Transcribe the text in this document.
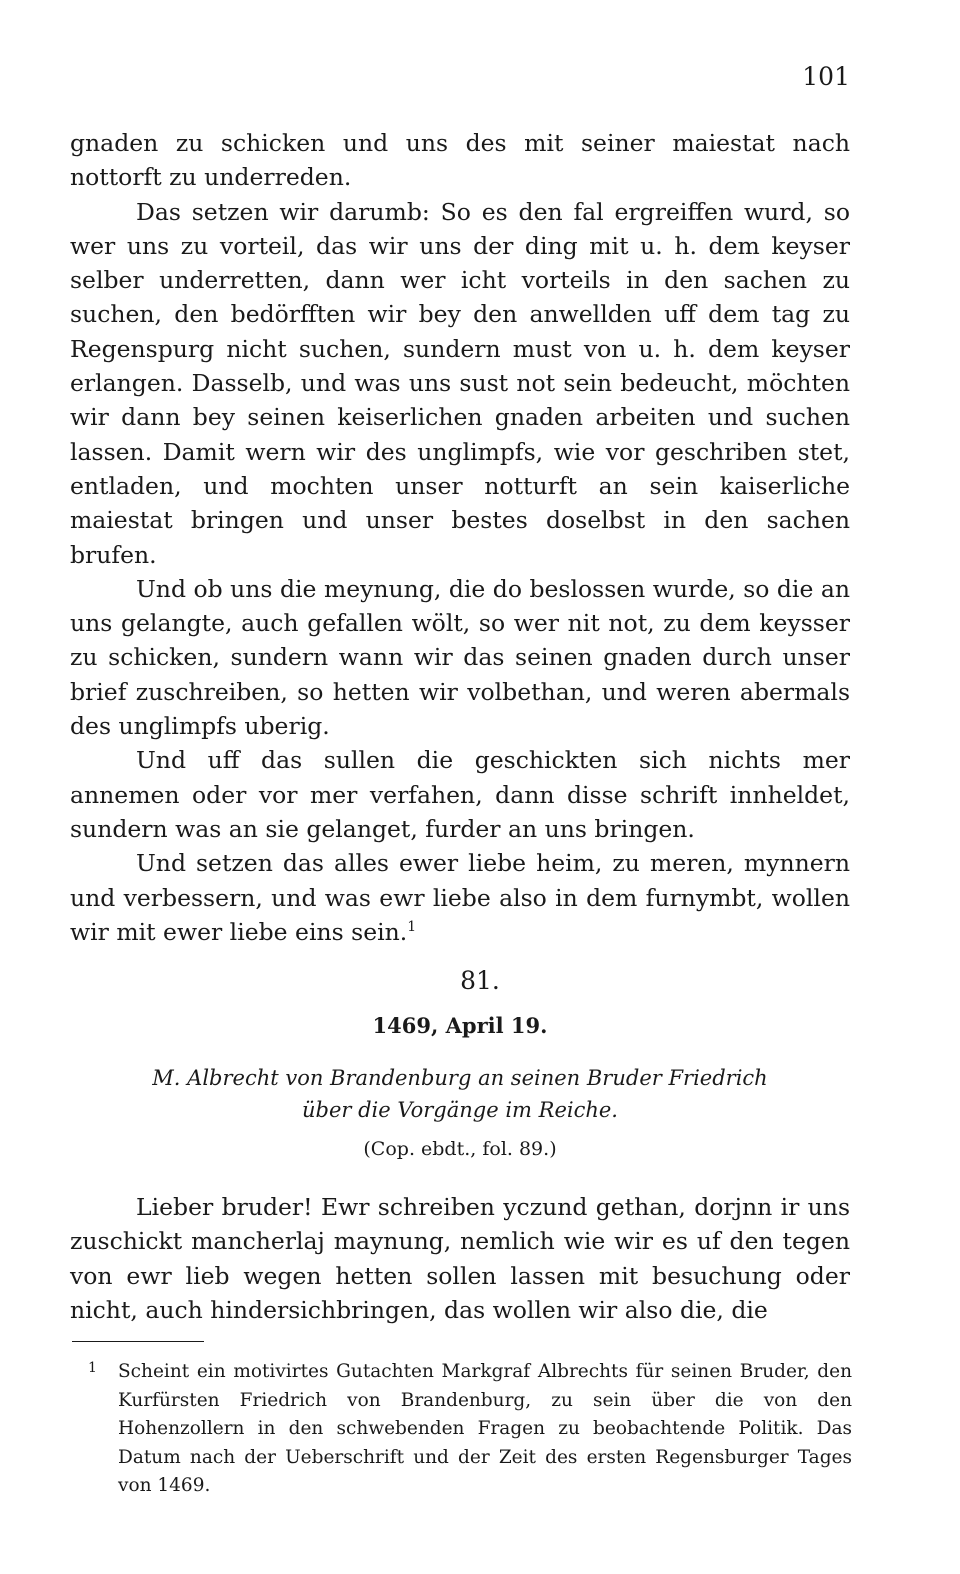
101

gnaden zu schicken und uns des mit seiner maiestat nach nottorft zu underreden.

Das setzen wir darumb: So es den fal ergreiffen wurd, so wer uns zu vorteil, das wir uns der ding mit u. h. dem keyser selber underretten, dann wer icht vorteils in den sachen zu suchen, den bedörfften wir bey den anwellden uff dem tag zu Regenspurg nicht suchen, sundern must von u. h. dem keyser erlangen. Dasselb, und was uns sust not sein bedeucht, möchten wir dann bey seinen keiserlichen gnaden arbeiten und suchen lassen. Damit wern wir des unglimpfs, wie vor geschriben stet, entladen, und mochten unser notturft an sein kaiserliche maiestat bringen und unser bestes doselbst in den sachen brufen.

Und ob uns die meynung, die do beslossen wurde, so die an uns gelangte, auch gefallen wölt, so wer nit not, zu dem keysser zu schicken, sundern wann wir das seinen gnaden durch unser brief zuschreiben, so hetten wir volbethan, und weren abermals des unglimpfs uberig.

Und uff das sullen die geschickten sich nichts mer annemen oder vor mer verfahen, dann disse schrift innheldet, sundern was an sie gelanget, furder an uns bringen.

Und setzen das alles ewer liebe heim, zu meren, mynnern und verbessern, und was ewr liebe also in dem furnymbt, wollen wir mit ewer liebe eins sein.$^1$

81.
1469, April 19.
M. Albrecht von Brandenburg an seinen Bruder Friedrich
über die Vorgänge im Reiche.
(Cop. ebdt., fol. 89.)

Lieber bruder! Ewr schreiben yczund gethan, dorjnn ir uns zuschickt mancherlaj maynung, nemlich wie wir es uf den tegen von ewr lieb wegen hetten sollen lassen mit besuchung oder nicht, auch hindersichbringen, das wollen wir also die, die

1 Scheint ein motivirtes Gutachten Markgraf Albrechts für seinen Bruder, den Kurfürsten Friedrich von Brandenburg, zu sein über die von den Hohenzollern in den schwebenden Fragen zu beobachtende Politik. Das Datum nach der Ueberschrift und der Zeit des ersten Regensburger Tages von 1469.
